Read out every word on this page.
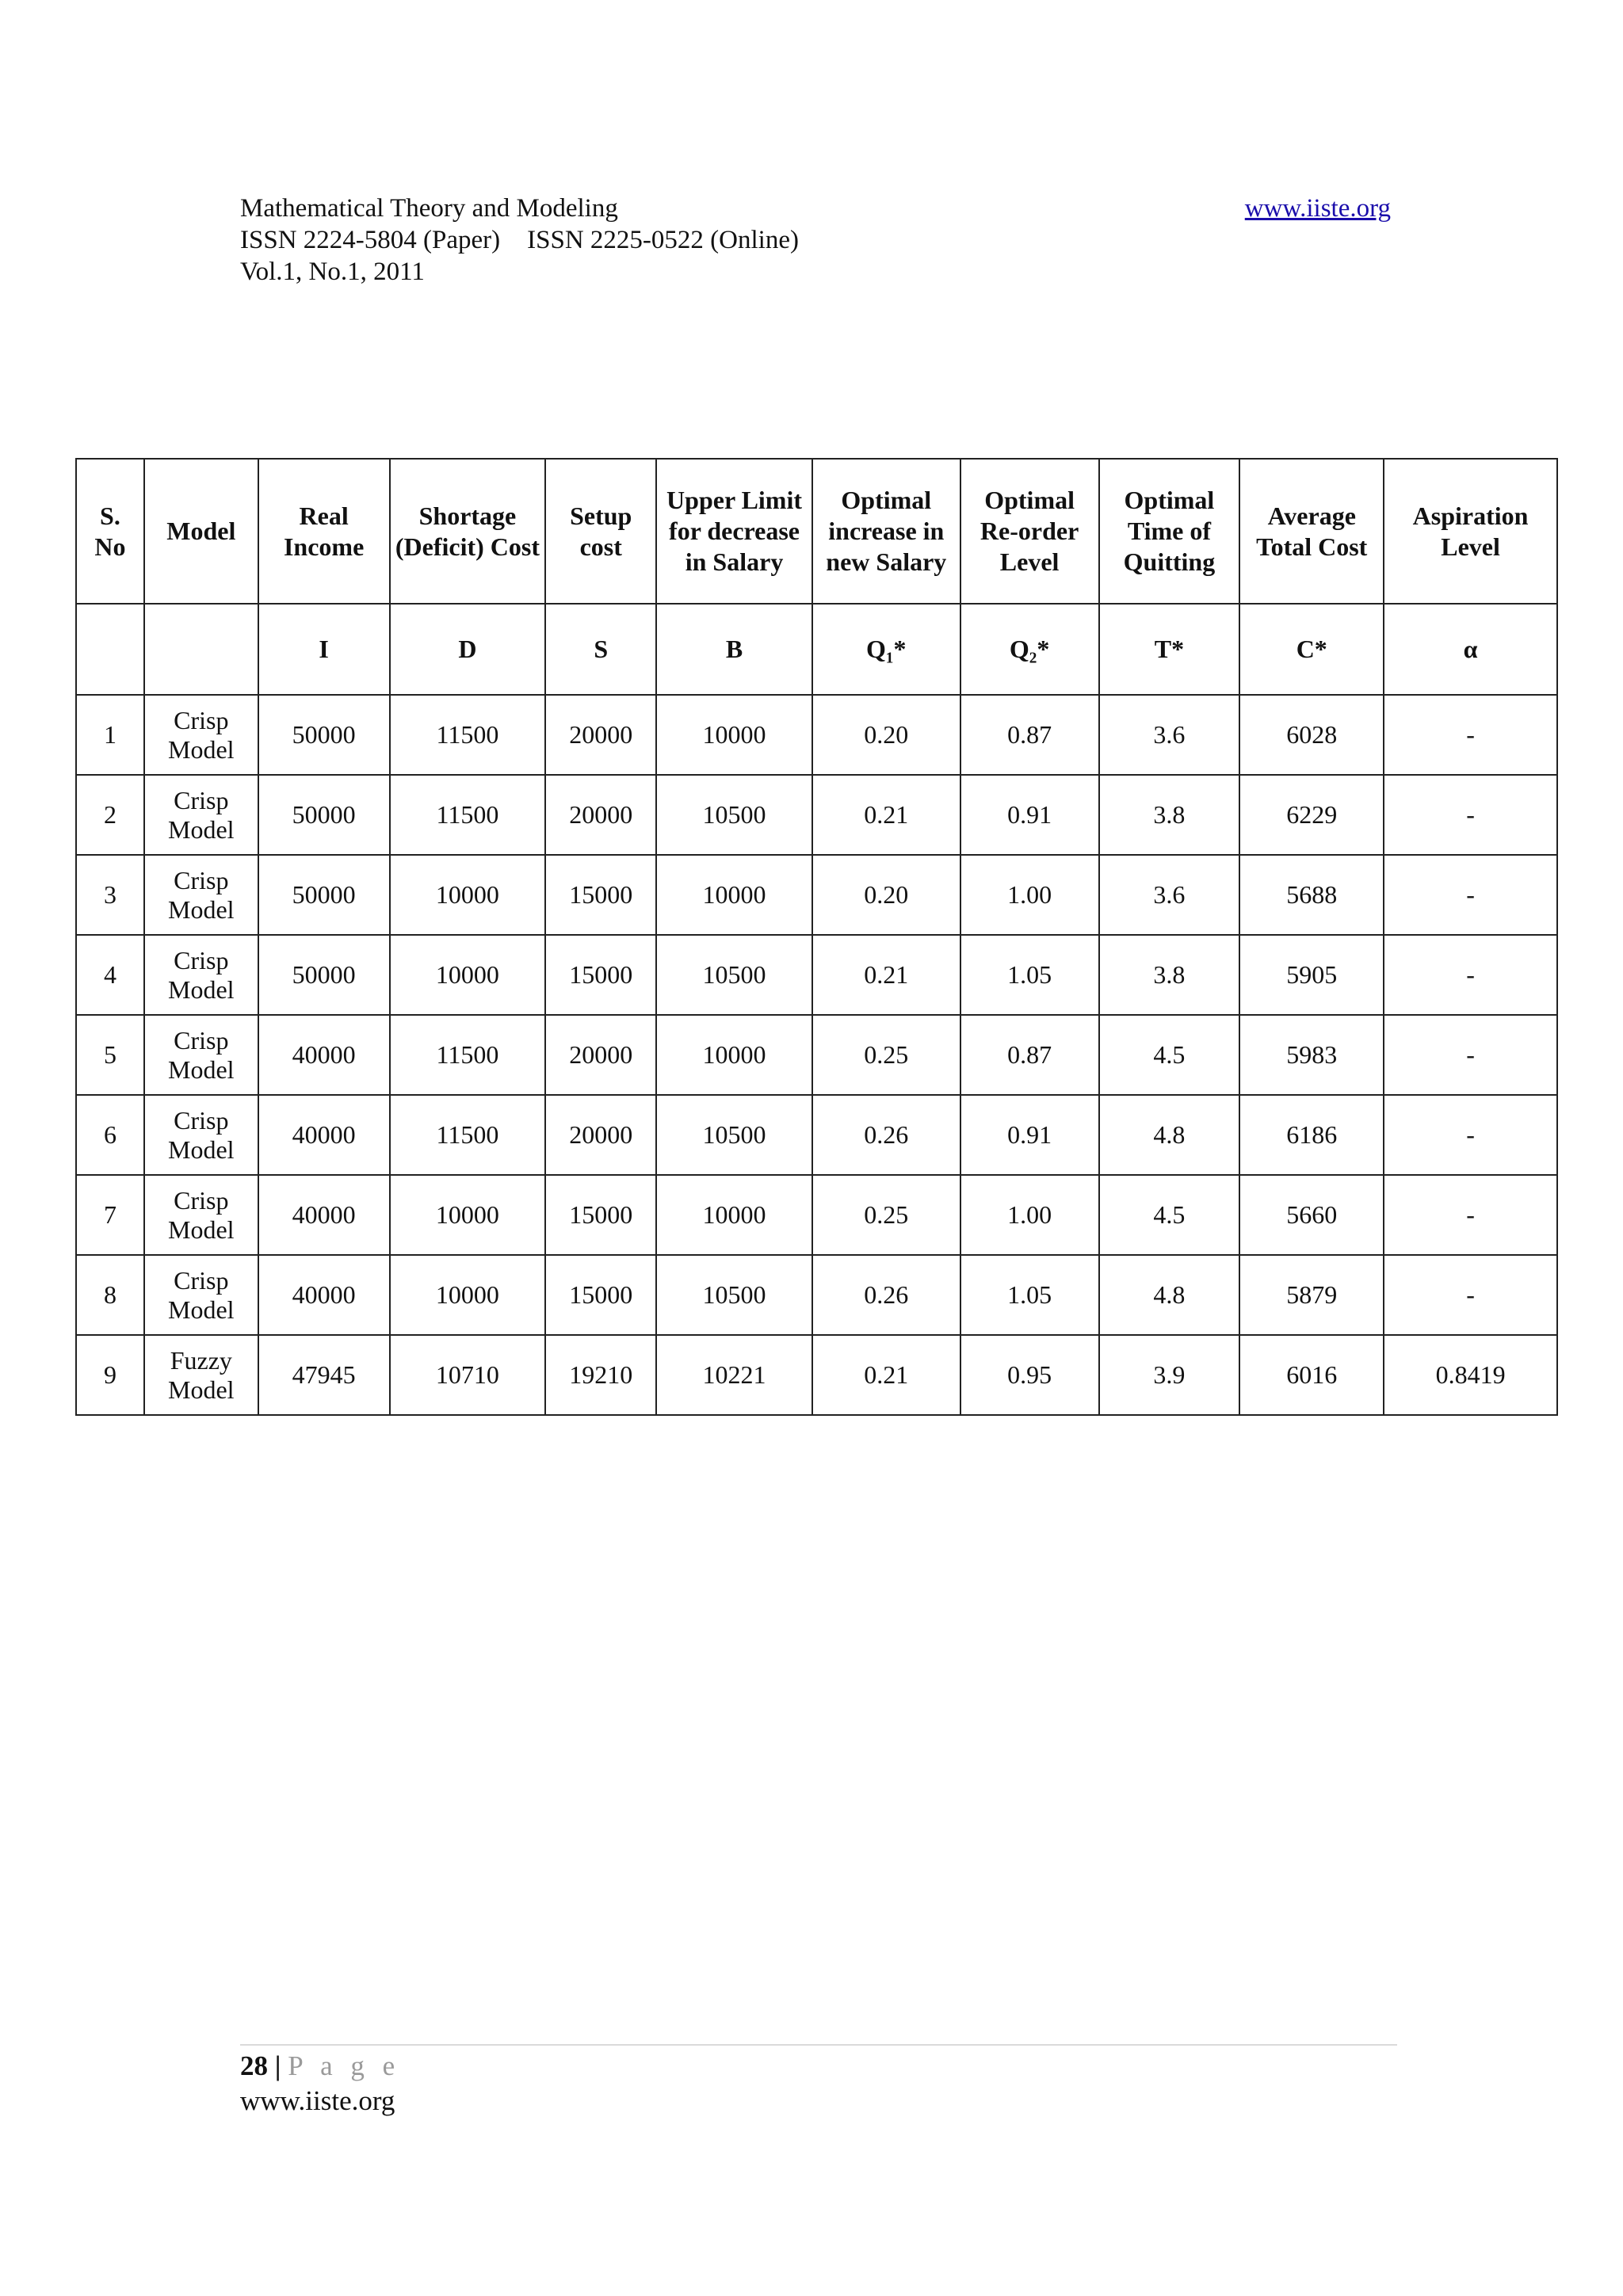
Mathematical Theory and Modeling
ISSN 2224-5804 (Paper) ISSN 2225-0522 (Online)
Vol.1, No.1, 2011
www.iiste.org
S. No	Model	Real Income	Shortage (Deficit) Cost	Setup cost	Upper Limit for decrease in Salary	Optimal increase in new Salary	Optimal Re-order Level	Optimal Time of Quitting	Average Total Cost	Aspiration Level
		I	D	S	B	Q₁*	Q₂*	T*	C*	α
1	Crisp Model	50000	11500	20000	10000	0.20	0.87	3.6	6028	-
2	Crisp Model	50000	11500	20000	10500	0.21	0.91	3.8	6229	-
3	Crisp Model	50000	10000	15000	10000	0.20	1.00	3.6	5688	-
4	Crisp Model	50000	10000	15000	10500	0.21	1.05	3.8	5905	-
5	Crisp Model	40000	11500	20000	10000	0.25	0.87	4.5	5983	-
6	Crisp Model	40000	11500	20000	10500	0.26	0.91	4.8	6186	-
7	Crisp Model	40000	10000	15000	10000	0.25	1.00	4.5	5660	-
8	Crisp Model	40000	10000	15000	10500	0.26	1.05	4.8	5879	-
9	Fuzzy Model	47945	10710	19210	10221	0.21	0.95	3.9	6016	0.8419
28 | P a g e
www.iiste.org
